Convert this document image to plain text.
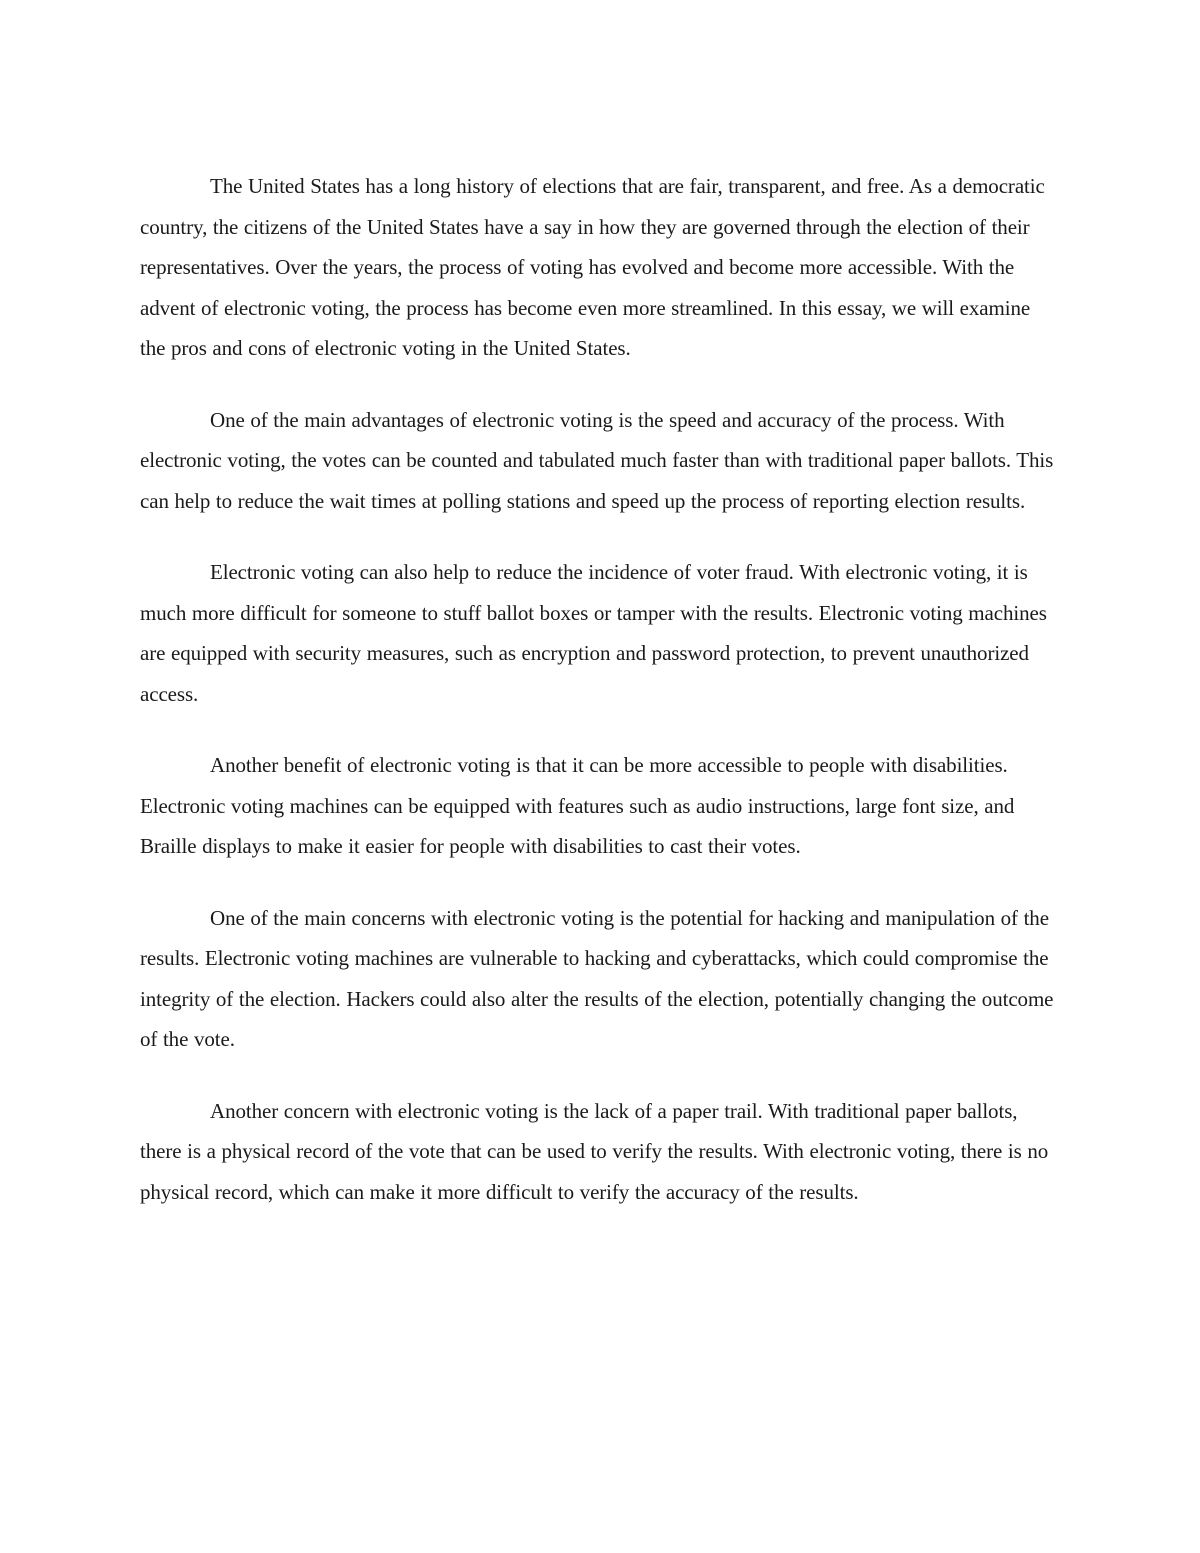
The United States has a long history of elections that are fair, transparent, and free. As a democratic country, the citizens of the United States have a say in how they are governed through the election of their representatives. Over the years, the process of voting has evolved and become more accessible. With the advent of electronic voting, the process has become even more streamlined. In this essay, we will examine the pros and cons of electronic voting in the United States.

One of the main advantages of electronic voting is the speed and accuracy of the process. With electronic voting, the votes can be counted and tabulated much faster than with traditional paper ballots. This can help to reduce the wait times at polling stations and speed up the process of reporting election results.

Electronic voting can also help to reduce the incidence of voter fraud. With electronic voting, it is much more difficult for someone to stuff ballot boxes or tamper with the results. Electronic voting machines are equipped with security measures, such as encryption and password protection, to prevent unauthorized access.

Another benefit of electronic voting is that it can be more accessible to people with disabilities. Electronic voting machines can be equipped with features such as audio instructions, large font size, and Braille displays to make it easier for people with disabilities to cast their votes.

One of the main concerns with electronic voting is the potential for hacking and manipulation of the results. Electronic voting machines are vulnerable to hacking and cyberattacks, which could compromise the integrity of the election. Hackers could also alter the results of the election, potentially changing the outcome of the vote.

Another concern with electronic voting is the lack of a paper trail. With traditional paper ballots, there is a physical record of the vote that can be used to verify the results. With electronic voting, there is no physical record, which can make it more difficult to verify the accuracy of the results.
